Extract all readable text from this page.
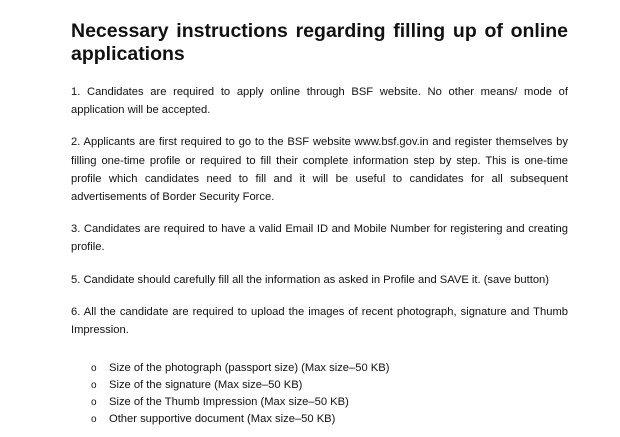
Necessary instructions regarding filling up of online applications

1. Candidates are required to apply online through BSF website. No other means/ mode of application will be accepted.

2. Applicants are first required to go to the BSF website www.bsf.gov.in and register themselves by filling one-time profile or required to fill their complete information step by step. This is one-time profile which candidates need to fill and it will be useful to candidates for all subsequent advertisements of Border Security Force.

3. Candidates are required to have a valid Email ID and Mobile Number for registering and creating profile.

5. Candidate should carefully fill all the information as asked in Profile and SAVE it. (save button)

6. All the candidate are required to upload the images of recent photograph, signature and Thumb Impression.

o Size of the photograph (passport size) (Max size–50 KB)
o Size of the signature (Max size–50 KB)
o Size of the Thumb Impression (Max size–50 KB)
o Other supportive document (Max size–50 KB)
